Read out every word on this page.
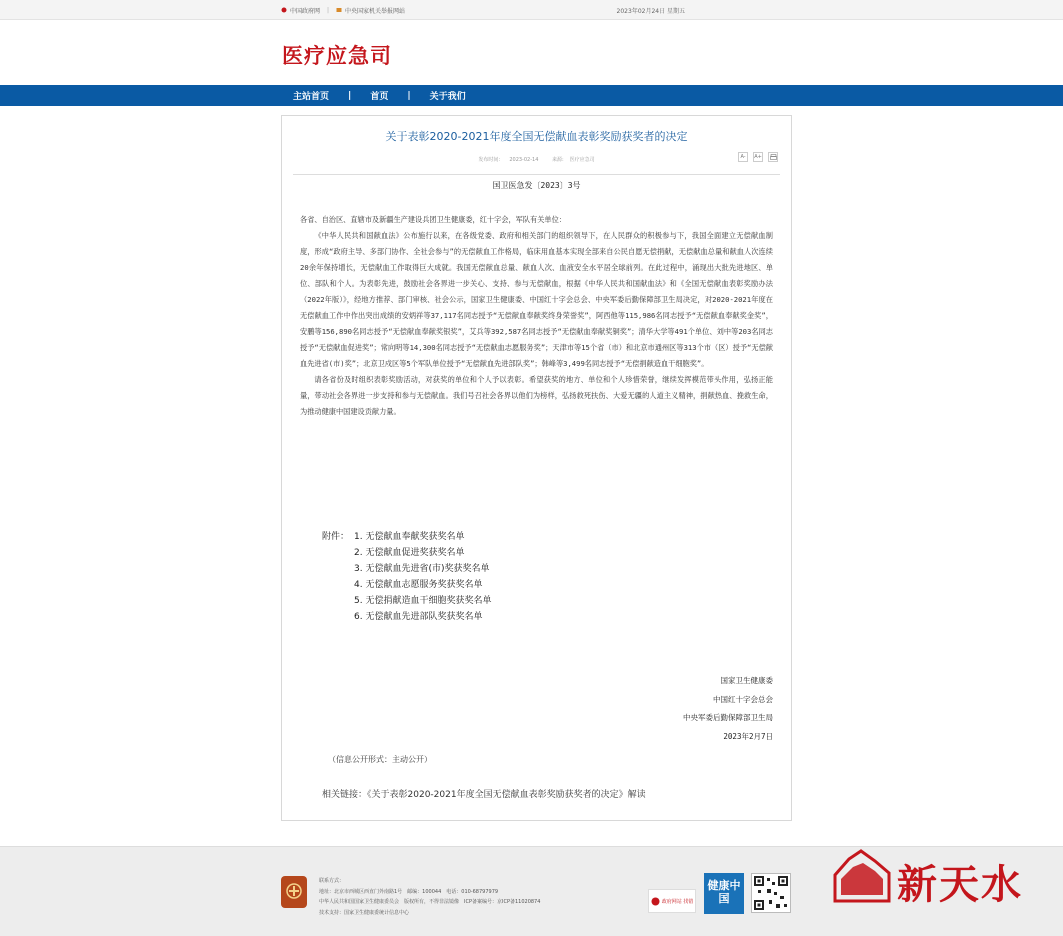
中国政府网 |	中央国家机关举报网站	2023年02月24日 星期五
医疗应急司
主站首页 | 首页 | 关于我们
关于表彰2020-2021年度全国无偿献血表彰奖励获奖者的决定
发布时间： 2023-02-14	来源: 医疗应急司	A- A+
国卫医急发〔2023〕3号

各省、自治区、直辖市及新疆生产建设兵团卫生健康委，红十字会，军队有关单位：

《中华人民共和国献血法》公布施行以来，在各级党委、政府和相关部门的组织领导下，在人民群众的积极参与下，我国全面建立无偿献血制度，形成“政府主导、多部门协作、全社会参与”的无偿献血工作格局，临床用血基本实现全部来自公民自愿无偿捐献，无偿献血总量和献血人次连续20余年保持增长，无偿献血工作取得巨大成就。我国无偿献血总量、献血人次、血液安全水平居全球前列。在此过程中，涌现出大批先进地区、单位、部队和个人。为表彰先进，鼓励社会各界进一步关心、支持、参与无偿献血，根据《中华人民共和国献血法》和《全国无偿献血表彰奖励办法（2022年版）》，经地方推荐、部门审核、社会公示，国家卫生健康委、中国红十字会总会、中央军委后勤保障部卫生局决定，对2020-2021年度在无偿献血工作中作出突出成绩的安炳祥等37,117名同志授予“无偿献血奉献奖终身荣誉奖”，阿西他等115,986名同志授予“无偿献血奉献奖金奖”，安鹏等156,890名同志授予“无偿献血奉献奖银奖”，艾兵等392,587名同志授予“无偿献血奉献奖铜奖”；清华大学等491个单位、刘中等203名同志授予“无偿献血促进奖”；常向明等14,300名同志授予“无偿献血志愿服务奖”；天津市等15个省（市）和北京市通州区等313个市（区）授予“无偿献血先进省(市)奖”；北京卫戍区等5个军队单位授予“无偿献血先进部队奖”；韩峰等3,499名同志授予“无偿捐献造血干细胞奖”。

请各省份及时组织表彰奖励活动，对获奖的单位和个人予以表彰。希望获奖的地方、单位和个人珍惜荣誉，继续发挥模范带头作用，弘扬正能量，带动社会各界进一步支持和参与无偿献血。我们号召社会各界以他们为榜样，弘扬救死扶伤、大爱无疆的人道主义精神，捐献热血、挽救生命，为推动健康中国建设贡献力量。

附件： 1. 无偿献血奉献奖获奖名单
2. 无偿献血促进奖获奖名单
3. 无偿献血先进省(市)奖获奖名单
4. 无偿献血志愿服务奖获奖名单
5. 无偿捐献造血干细胞奖获奖名单
6. 无偿献血先进部队奖获奖名单
国家卫生健康委
中国红十字会总会
中央军委后勤保障部卫生局
2023年2月7日
（信息公开形式：主动公开）
相关链接：《关于表彰2020-2021年度全国无偿献血表彰奖励获奖者的决定》解读
联系方式：
地址：北京市西城区西直门外南路1号　邮编：100044　电话：010-68797979
中华人民共和国国家卫生健康委员会　版权所有，不得非法镜像　ICP备案编号：京ICP备11020874
技术支持：国家卫生健康委统计信息中心
政府网站 找错
健康中国	新天水
